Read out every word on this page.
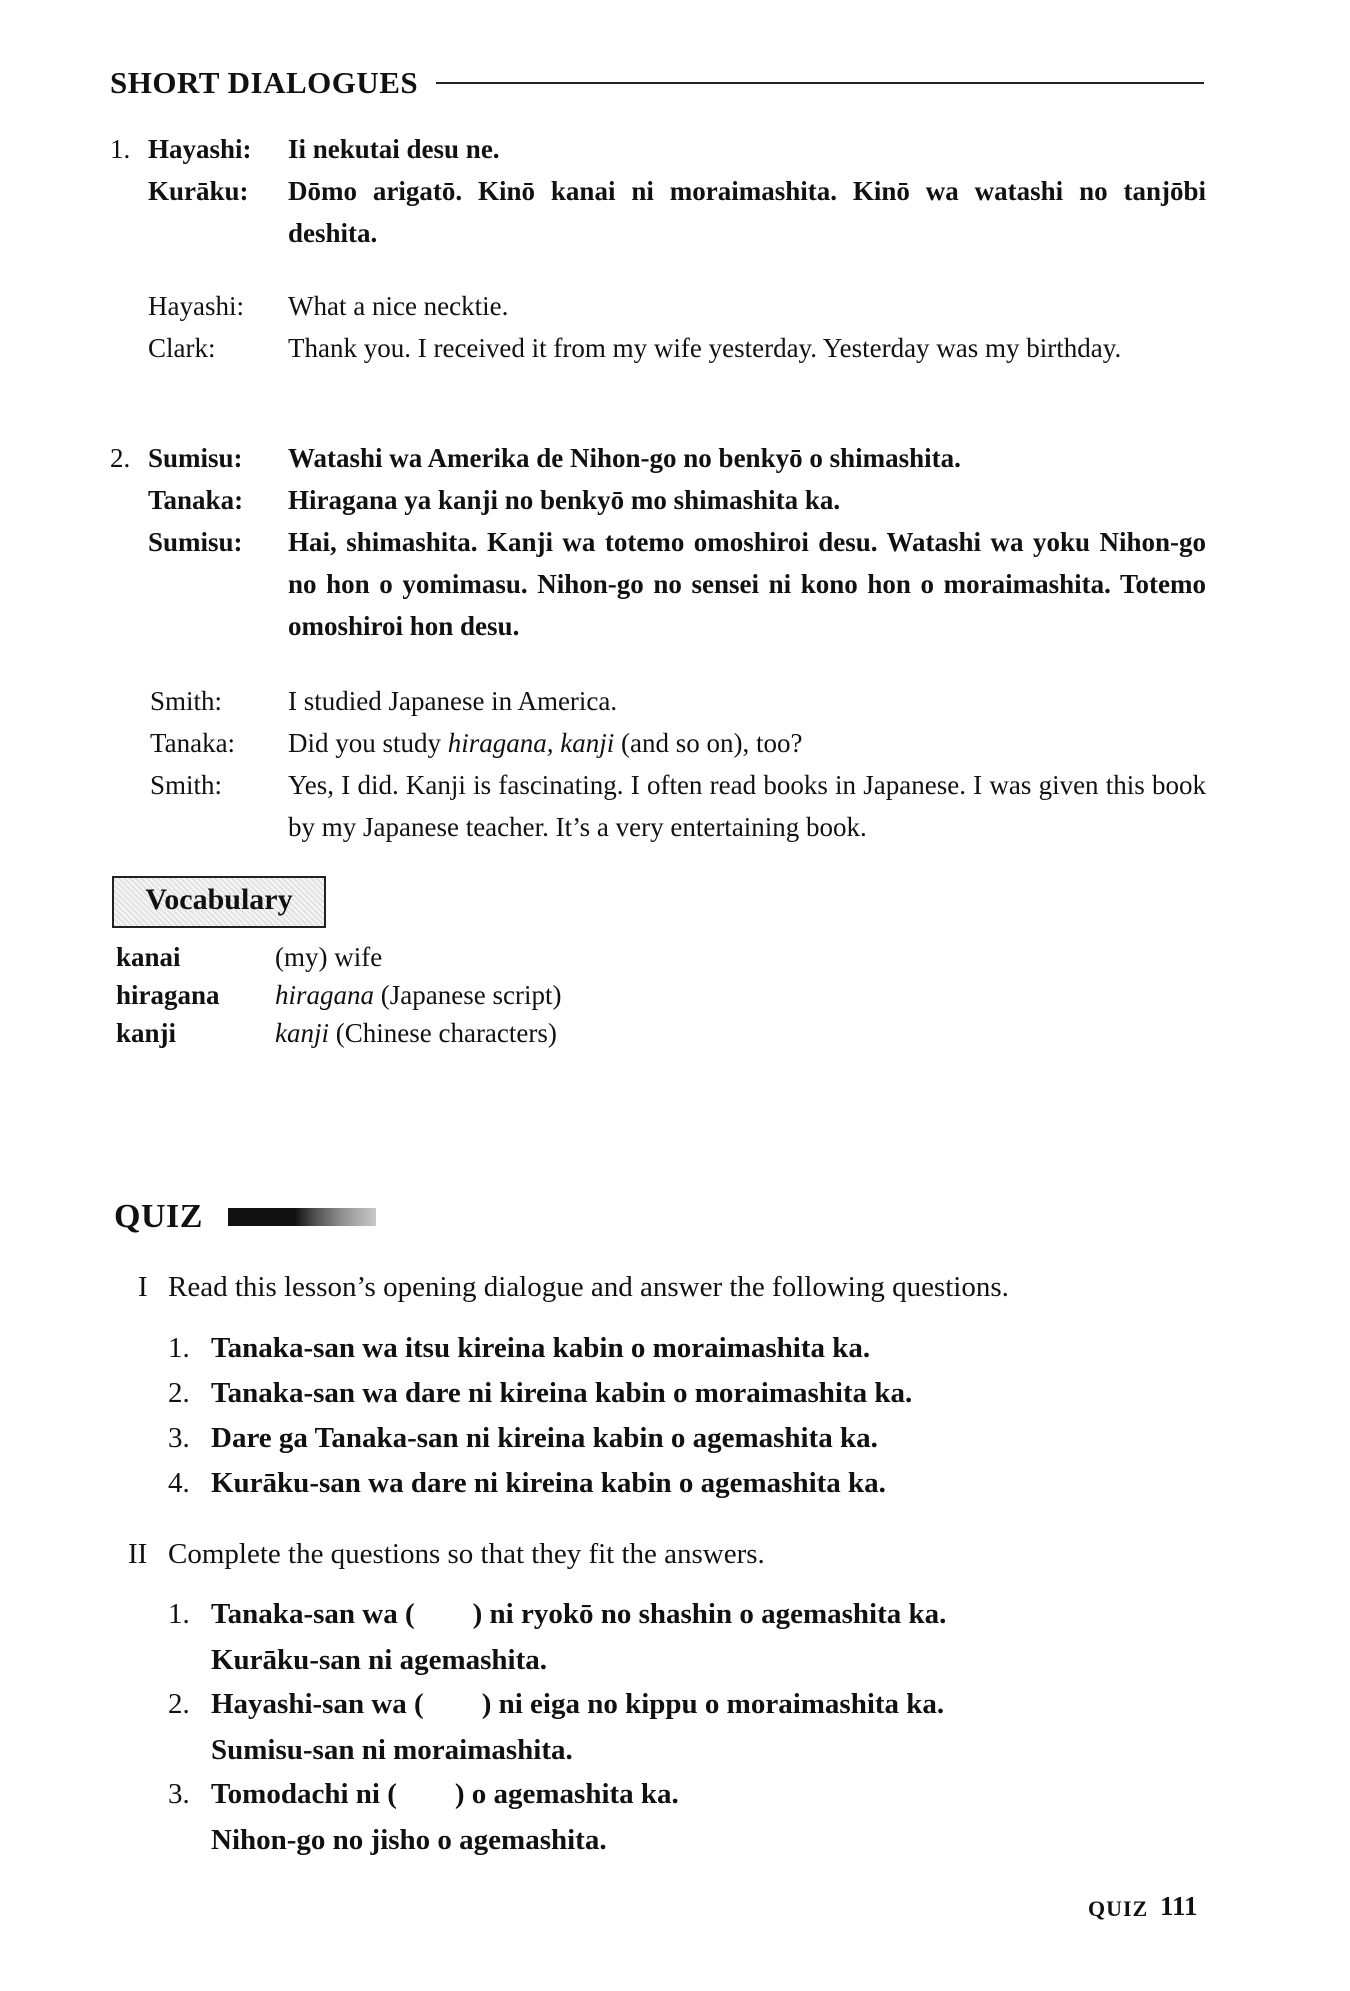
SHORT DIALOGUES
1. Hayashi: Ii nekutai desu ne.
Kurāku: Dōmo arigatō. Kinō kanai ni moraimashita. Kinō wa watashi no tanjōbi deshita.
Hayashi: What a nice necktie.
Clark:	Thank you. I received it from my wife yesterday. Yesterday was my birthday.
2. Sumisu: Watashi wa Amerika de Nihon-go no benkyō o shimashita.
Tanaka: Hiragana ya kanji no benkyō mo shimashita ka.
Sumisu: Hai, shimashita. Kanji wa totemo omoshiroi desu. Watashi wa yoku Nihon-go no hon o yomimasu. Nihon-go no sensei ni kono hon o moraimashita. Totemo omoshiroi hon desu.
Smith: I studied Japanese in America.
Tanaka: Did you study hiragana, kanji (and so on), too?
Smith: Yes, I did. Kanji is fascinating. I often read books in Japanese. I was given this book by my Japanese teacher. It’s a very entertaining book.
Vocabulary
kanai	(my) wife
hiragana hiragana (Japanese script)
kanji	kanji (Chinese characters)
QUIZ
I Read this lesson’s opening dialogue and answer the following questions.
1. Tanaka-san wa itsu kireina kabin o moraimashita ka.
2. Tanaka-san wa dare ni kireina kabin o moraimashita ka.
3. Dare ga Tanaka-san ni kireina kabin o agemashita ka.
4. Kurāku-san wa dare ni kireina kabin o agemashita ka.
II Complete the questions so that they fit the answers.
1. Tanaka-san wa (        ) ni ryokō no shashin o agemashita ka.
Kurāku-san ni agemashita.
2. Hayashi-san wa (        ) ni eiga no kippu o moraimashita ka.
Sumisu-san ni moraimashita.
3. Tomodachi ni (        ) o agemashita ka.
Nihon-go no jisho o agemashita.
QUIZ 111
